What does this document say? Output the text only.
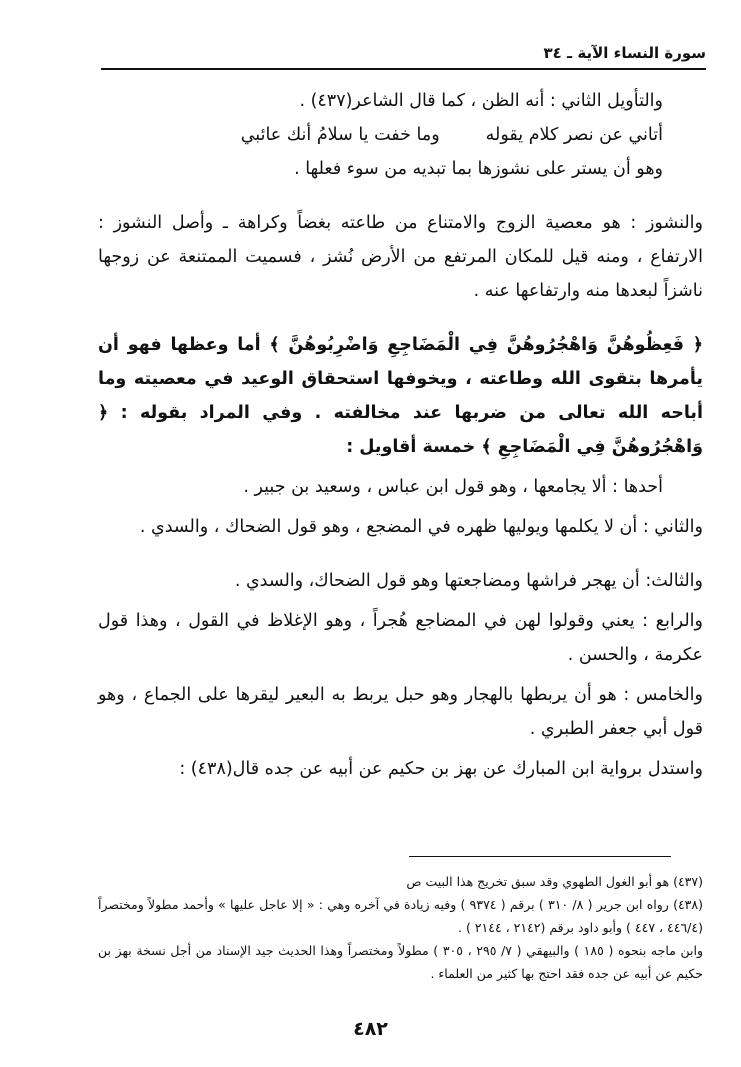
سورة النساء الآية ـ ٣٤

والتأويل الثاني : أنه الظن ، كما قال الشاعر(٤٣٧) .

أتاني عن نصر كلام يقوله
وما خفت يا سلامُ أنك عائبي
وهو أن يستر على نشوزها بما تبديه من سوء فعلها .

والنشوز : هو معصية الزوج والامتناع من طاعته بغضاً وكراهة ـ وأصل النشوز : الارتفاع ، ومنه قيل للمكان المرتفع من الأرض نُشز ، فسميت الممتنعة عن زوجها ناشزاً لبعدها منه وارتفاعها عنه .

﴿ فَعِظُوهُنَّ وَاهْجُرُوهُنَّ فِي الْمَضَاجِعِ وَاضْرِبُوهُنَّ ﴾ أما وعظها فهو أن يأمرها بتقوى الله وطاعته ، ويخوفها استحقاق الوعيد في معصيته وما أباحه الله تعالى من ضربها عند مخالفته . وفي المراد بقوله : ﴿ وَاهْجُرُوهُنَّ فِي الْمَضَاجِعِ ﴾ خمسة أقاويل :

أحدها : ألا يجامعها ، وهو قول ابن عباس ، وسعيد بن جبير .

والثاني : أن لا يكلمها ويوليها ظهره في المضجع ، وهو قول الضحاك ، والسدي .

والثالث: أن يهجر فراشها ومضاجعتها وهو قول الضحاك، والسدي .

والرابع : يعني وقولوا لهن في المضاجع هُجراً ، وهو الإغلاظ في القول ، وهذا قول عكرمة ، والحسن .

والخامس : هو أن يربطها بالهجار وهو حبل يربط به البعير ليقرها على الجماع ، وهو قول أبي جعفر الطبري .

واستدل برواية ابن المبارك عن بهز بن حكيم عن أبيه عن جده قال(٤٣٨) :

(٤٣٧) هو أبو الغول الطهوي وقد سبق تخريج هذا البيت ص

(٤٣٨) رواه ابن جرير ( ٨/ ٣١٠ ) برقم ( ٩٣٧٤ ) وفيه زيادة في آخره وهي : « إلا عاجل عليها » وأحمد مطولاً ومختصراً (٤٤٦/٤ ، ٤٤٧ ) وأبو داود برقم (٢١٤٢ ، ٢١٤٤ ) .

وابن ماجه بنحوه ( ١٨٥ ) والبيهقي ( ٧/ ٢٩٥ ، ٣٠٥ ) مطولاً ومختصراً وهذا الحديث جيد الإسناد من أجل نسخة بهز بن حكيم عن أبيه عن جده فقد احتج بها كثير من العلماء .

٤٨٢
